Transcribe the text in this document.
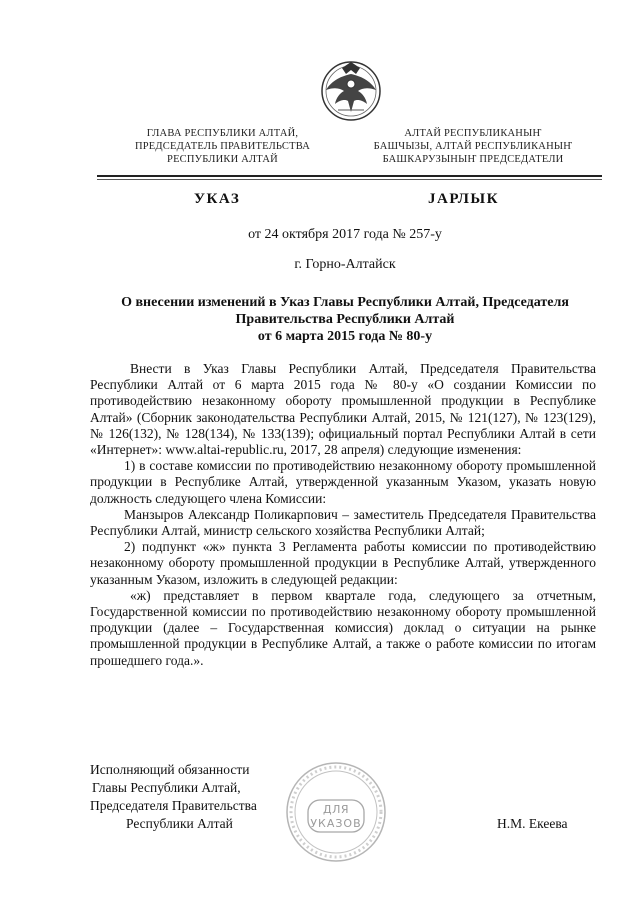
ГЛАВА РЕСПУБЛИКИ АЛТАЙ,
ПРЕДСЕДАТЕЛЬ ПРАВИТЕЛЬСТВА
РЕСПУБЛИКИ АЛТАЙ
АЛТАЙ РЕСПУБЛИКАНЫҤ
БАШЧЫЗЫ, АЛТАЙ РЕСПУБЛИКАНЫҤ
БАШКАРУЗЫНЫҤ ПРЕДСЕДАТЕЛИ
УКАЗ	ЈАРЛЫК
от 24 октября 2017 года № 257-у
г. Горно-Алтайск
О внесении изменений в Указ Главы Республики Алтай, Председателя
Правительства Республики Алтай
от 6 марта 2015 года № 80-у

Внести в Указ Главы Республики Алтай, Председателя Правительства Республики Алтай от 6 марта 2015 года № 80-у «О создании Комиссии по противодействию незаконному обороту промышленной продукции в Республике Алтай» (Сборник законодательства Республики Алтай, 2015, № 121(127), № 123(129), № 126(132), № 128(134), № 133(139); официальный портал Республики Алтай в сети «Интернет»: www.altai-republic.ru, 2017, 28 апреля) следующие изменения:

1) в составе комиссии по противодействию незаконному обороту промышленной продукции в Республике Алтай, утвержденной указанным Указом, указать новую должность следующего члена Комиссии:

Манзыров Александр Поликарпович – заместитель Председателя Правительства Республики Алтай, министр сельского хозяйства Республики Алтай;

2) подпункт «ж» пункта 3 Регламента работы комиссии по противодействию незаконному обороту промышленной продукции в Республике Алтай, утвержденного указанным Указом, изложить в следующей редакции:

«ж) представляет в первом квартале года, следующего за отчетным, Государственной комиссии по противодействию незаконному обороту промышленной продукции (далее – Государственная комиссия) доклад о ситуации на рынке промышленной продукции в Республике Алтай, а также о работе комиссии по итогам прошедшего года.».

Исполняющий обязанности
Главы Республики Алтай,
Председателя Правительства
Республики Алтай
ДЛЯ
УКАЗОВ	Н.М. Екеева
